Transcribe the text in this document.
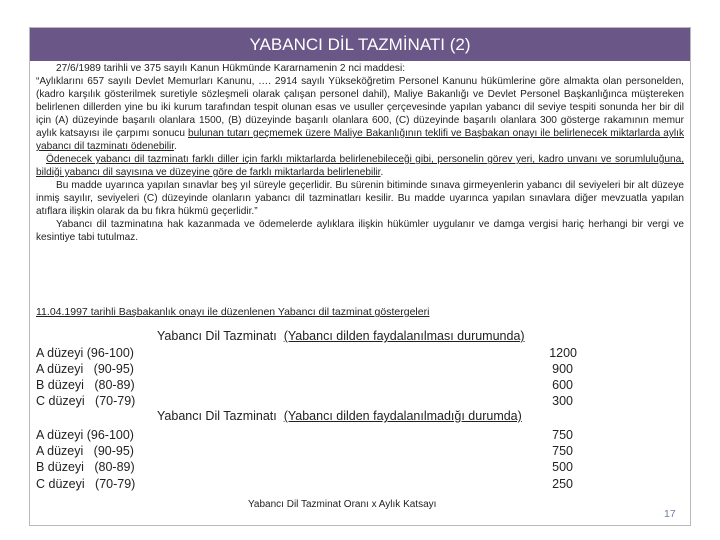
YABANCI DİL TAZMİNATI (2)

27/6/1989 tarihli ve 375 sayılı Kanun Hükmünde Kararnamenin 2 nci maddesi:

“Aylıklarını 657 sayılı Devlet Memurları Kanunu, …. 2914 sayılı Yükseköğretim Personel Kanunu hükümlerine göre almakta olan personelden, (kadro karşılık gösterilmek suretiyle sözleşmeli olarak çalışan personel dahil), Maliye Bakanlığı ve Devlet Personel Başkanlığınca müştereken belirlenen dillerden yine bu iki kurum tarafından tespit olunan esas ve usuller çerçevesinde yapılan yabancı dil seviye tespiti sonunda her bir dil için (A) düzeyinde başarılı olanlara 1500, (B) düzeyinde başarılı olanlara 600, (C) düzeyinde başarılı olanlara 300 gösterge rakamının memur aylık katsayısı ile çarpımı sonucu bulunan tutarı geçmemek üzere Maliye Bakanlığının teklifi ve Başbakan onayı ile belirlenecek miktarlarda aylık yabancı dil tazminatı ödenebilir.

Ödenecek yabancı dil tazminatı farklı diller için farklı miktarlarda belirlenebileceği gibi, personelin görev yeri, kadro unvanı ve sorumluluğuna, bildiği yabancı dil sayısına ve düzeyine göre de farklı miktarlarda belirlenebilir.

Bu madde uyarınca yapılan sınavlar beş yıl süreyle geçerlidir. Bu sürenin bitiminde sınava girmeyenlerin yabancı dil seviyeleri bir alt düzeye inmiş sayılır, seviyeleri (C) düzeyinde olanların yabancı dil tazminatları kesilir. Bu madde uyarınca yapılan sınavlara diğer mevzuatla yapılan atıflara ilişkin olarak da bu fıkra hükmü geçerlidir.”

Yabancı dil tazminatına hak kazanmada ve ödemelerde aylıklara ilişkin hükümler uygulanır ve damga vergisi hariç herhangi bir vergi ve kesintiye tabi tutulmaz.

11.04.1997 tarihli Başbakanlık onayı ile düzenlenen Yabancı dil tazminat göstergeleri
Yabancı Dil Tazminatı (Yabancı dilden faydalanılması durumunda)
A düzeyi (96-100)	1200
A düzeyi   (90-95)	900
B düzeyi   (80-89)	600
C düzeyi   (70-79)	300
Yabancı Dil Tazminatı (Yabancı dilden faydalanılmadığı durumda)
A düzeyi (96-100)	750
A düzeyi   (90-95)	750
B düzeyi   (80-89)	500
C düzeyi   (70-79)	250
Yabancı Dil Tazminat Oranı x Aylık Katsayı
17
